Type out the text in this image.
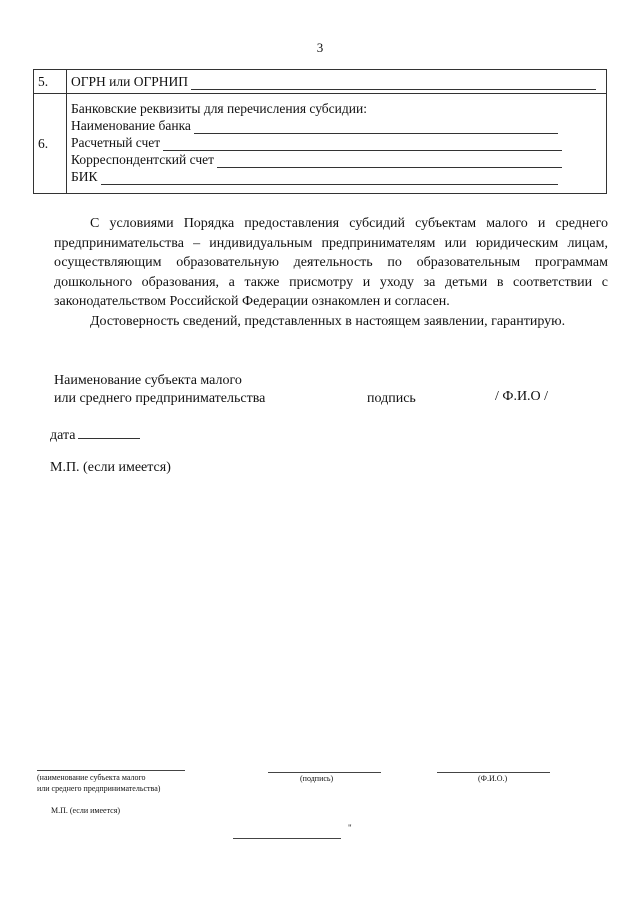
3
5.	ОГРН или ОГРНИП

6.	Банковские реквизиты для перечисления субсидии:
Наименование банка
Расчетный счет
Корреспондентский счет
БИК

С условиями Порядка предоставления субсидий субъектам малого и среднего предпринимательства – индивидуальным предпринимателям или юридическим лицам, осуществляющим образовательную деятельность по образовательным программам дошкольного образования, а также присмотру и уходу за детьми в соответствии с законодательством Российской Федерации ознакомлен и согласен.

Достоверность сведений, представленных в настоящем заявлении, гарантирую.

Наименование субъекта малого
или среднего предпринимательства	подпись	/ Ф.И.О /
дата
М.П. (если имеется)
(наименование субъекта малого
или среднего предпринимательства)
(подпись)	(Ф.И.О.)
М.П. (если имеется)
"
